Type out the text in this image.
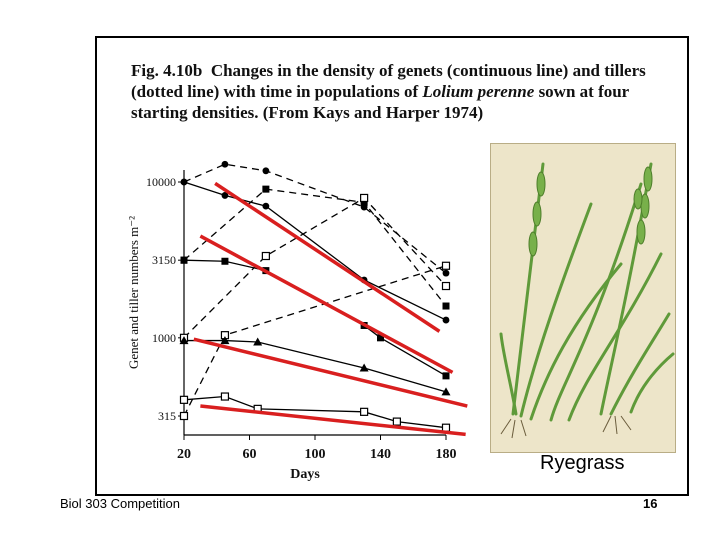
Fig. 4.10b Changes in the density of genets (continuous line) and tillers (dotted line) with time in populations of Lolium perenne sown at four starting densities. (From Kays and Harper 1974)

315
1000
3150
10000
20	60	100	140	180
Days
Genet and tiller numbers m⁻²
Ryegrass
Biol 303 Competition	16
